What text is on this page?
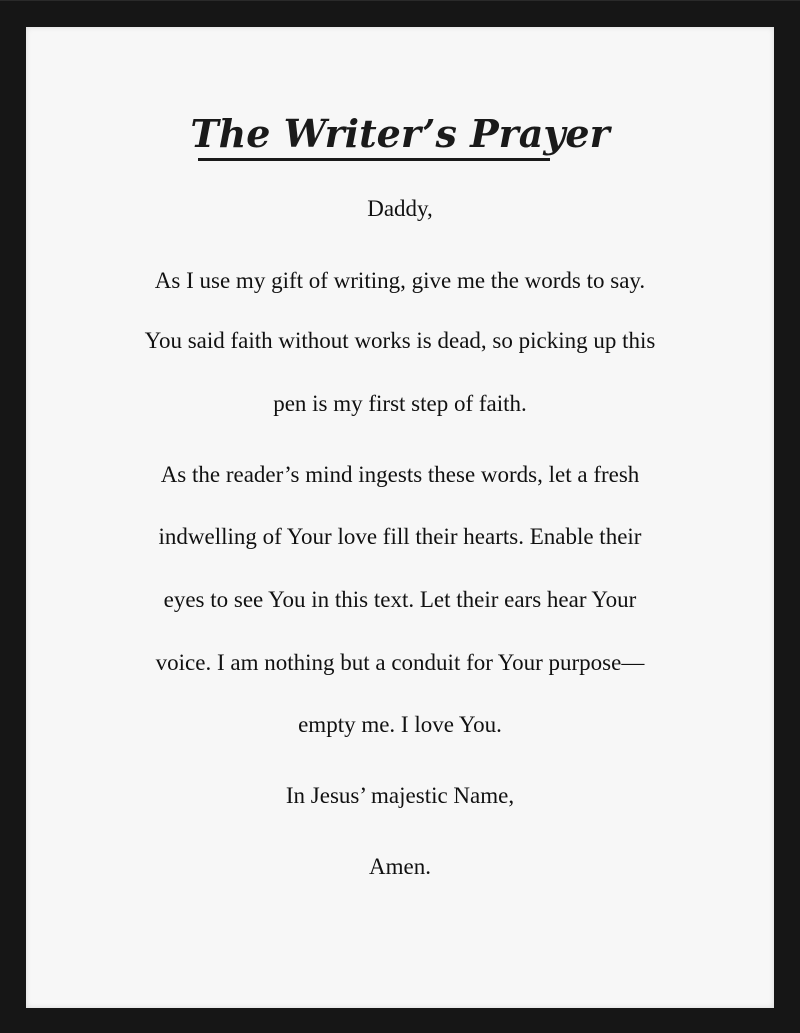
The Writer’s Prayer

Daddy,

As I use my gift of writing, give me the words to say.

You said faith without works is dead, so picking up this

pen is my first step of faith.

As the reader’s mind ingests these words, let a fresh

indwelling of Your love fill their hearts. Enable their

eyes to see You in this text. Let their ears hear Your

voice. I am nothing but a conduit for Your purpose—

empty me. I love You.

In Jesus’ majestic Name,

Amen.
